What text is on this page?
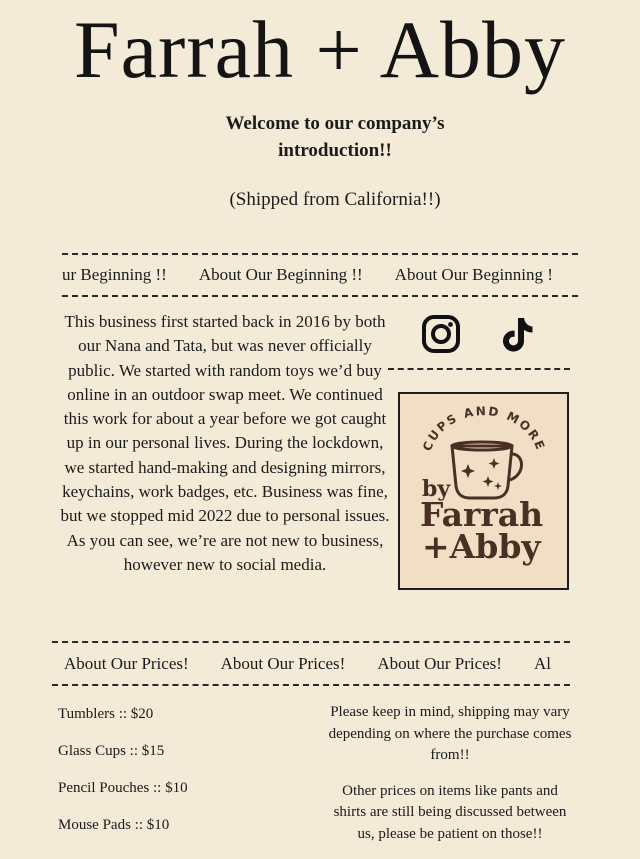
Farrah + Abby
Welcome to our company’s
introduction!!
(Shipped from California!!)
ur Beginning !! About Our Beginning !! About Our Beginning !
This business first started back in 2016 by both our Nana and Tata, but was never officially public. We started with random toys we’d buy online in an outdoor swap meet. We continued this work for about a year before we got caught up in our personal lives. During the lockdown, we started hand-making and designing mirrors, keychains, work badges, etc. Business was fine, but we stopped mid 2022 due to personal issues. As you can see, we’re are not new to business, however new to social media.
CUPS AND MORE
by
Farrah
+Abby
About Our Prices! About Our Prices! About Our Prices! Al
Tumblers :: $20
Glass Cups :: $15
Pencil Pouches :: $10
Mouse Pads :: $10

Please keep in mind, shipping may vary depending on where the purchase comes from!!

Other prices on items like pants and shirts are still being discussed between us, please be patient on those!!
